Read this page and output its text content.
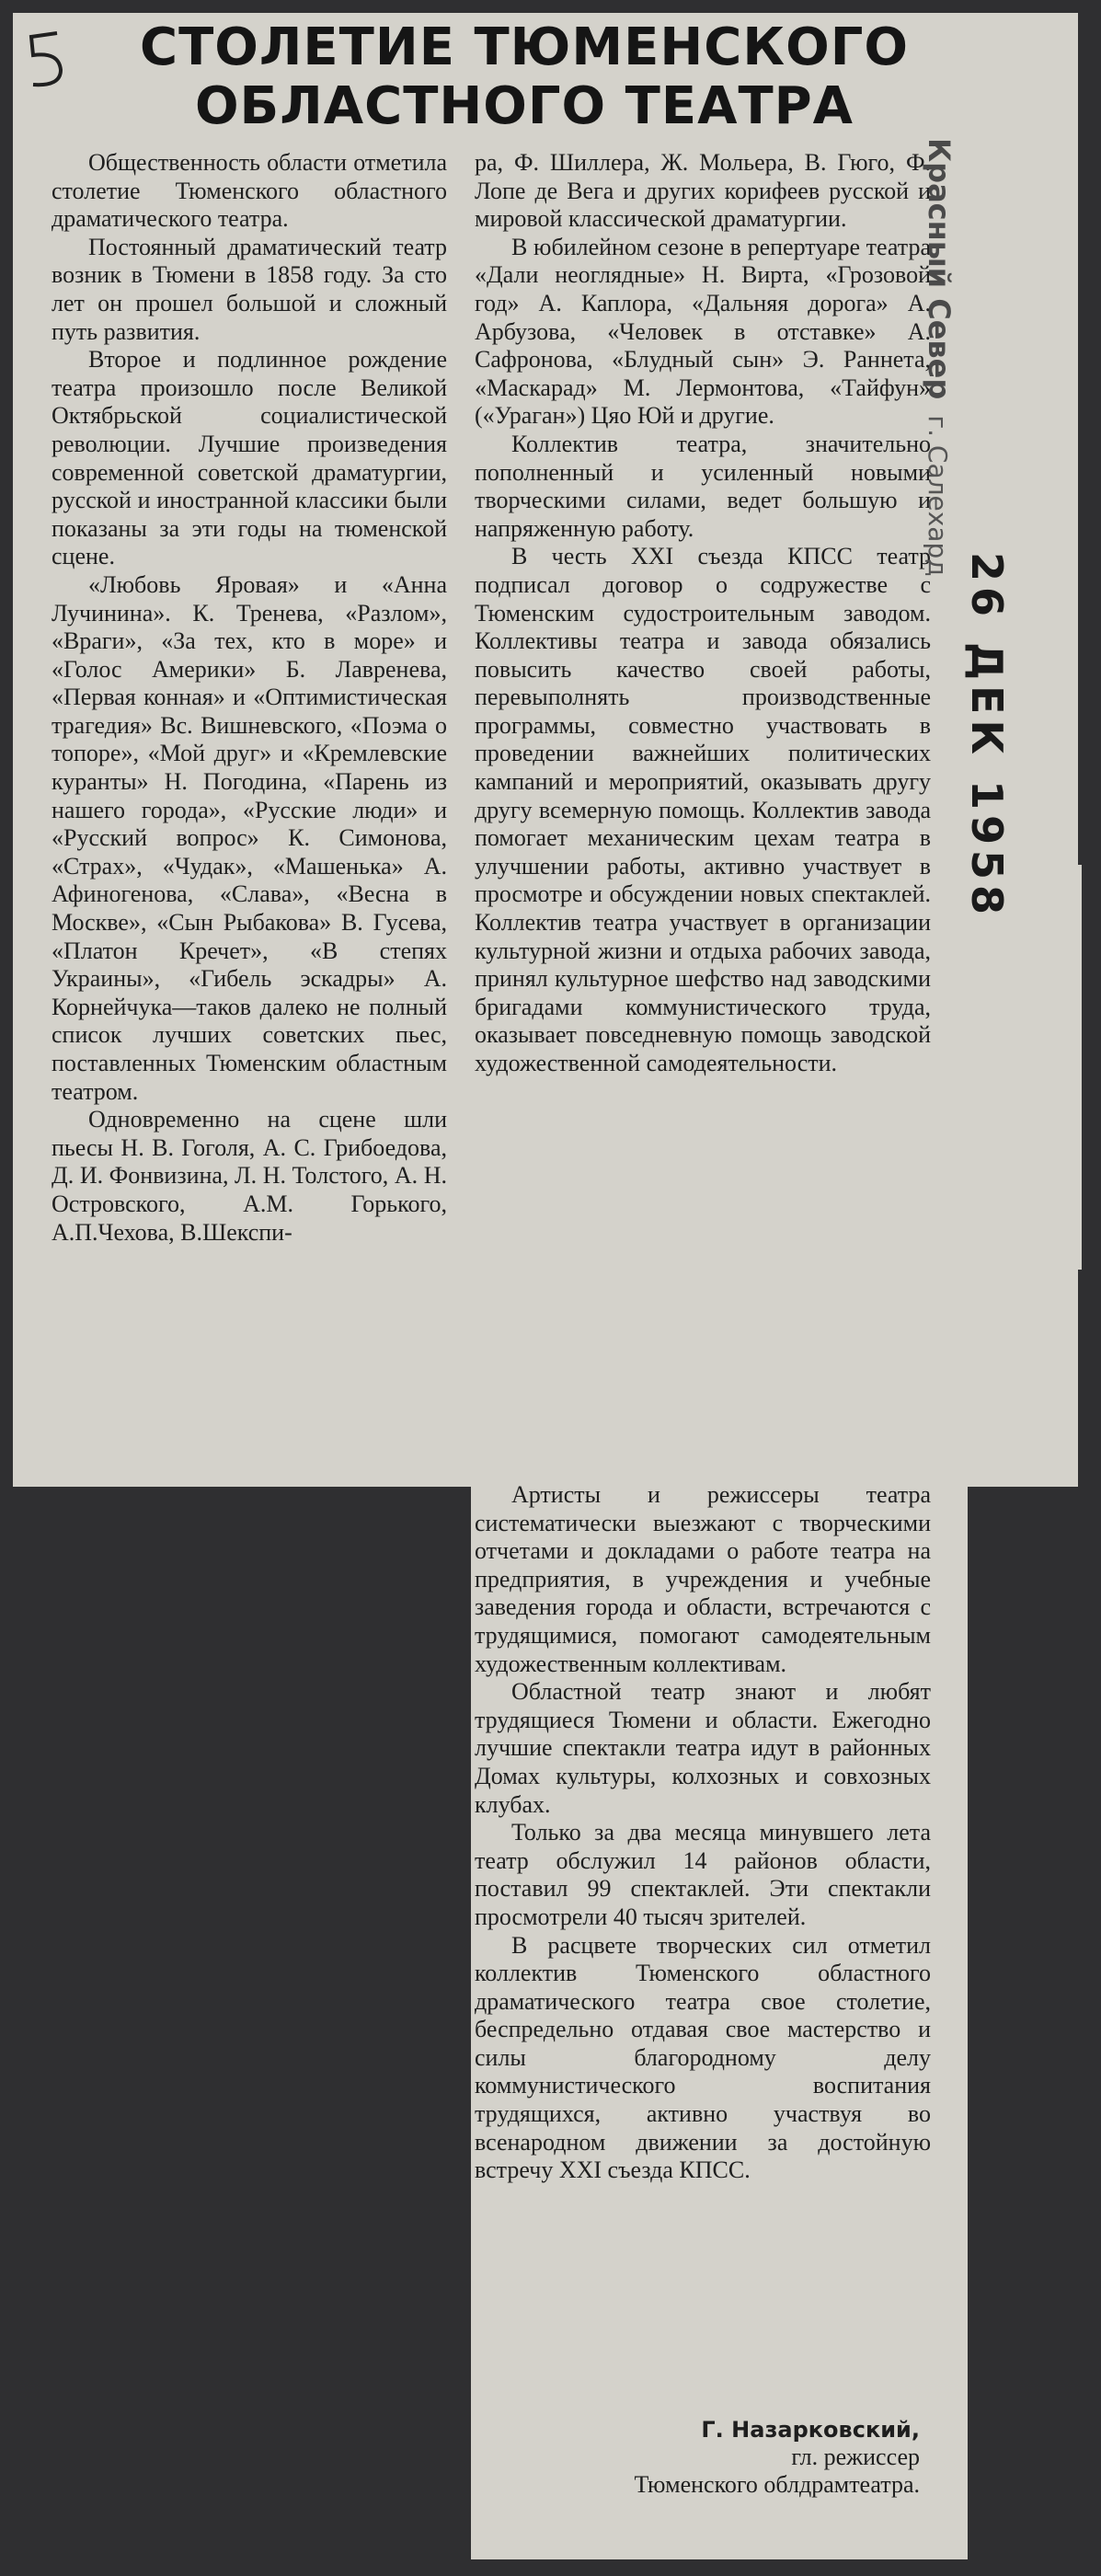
СТОЛЕТИЕ ТЮМЕНСКОГО
ОБЛАСТНОГО ТЕАТРА

Общественность области отметила столетие Тюменского областного драматического театра.

Постоянный драматический театр возник в Тюмени в 1858 году. За сто лет он прошел большой и сложный путь развития.

Второе и подлинное рождение театра произошло после Великой Октябрьской социалистической революции. Лучшие произведения современной советской драматургии, русской и иностранной классики были показаны за эти годы на тюменской сцене.

«Любовь Яровая» и «Анна Лучинина». К. Тренева, «Разлом», «Враги», «За тех, кто в море» и «Голос Америки» Б. Лавренева, «Первая конная» и «Оптимистическая трагедия» Вс. Вишневского, «Поэма о топоре», «Мой друг» и «Кремлевские куранты» Н. Погодина, «Парень из нашего города», «Русские люди» и «Русский вопрос» К. Симонова, «Страх», «Чудак», «Машенька» А. Афиногенова, «Слава», «Весна в Москве», «Сын Рыбакова» В. Гусева, «Платон Кречет», «В степях Украины», «Гибель эскадры» А. Корнейчука—таков далеко не полный список лучших советских пьес, поставленных Тюменским областным театром.

Одновременно на сцене шли пьесы Н. В. Гоголя, А. С. Грибоедова, Д. И. Фонвизина, Л. Н. Толстого, А. Н. Островского, А.М. Горького, А.П.Чехова, В.Шекспи-

ра, Ф. Шиллера, Ж. Мольера, В. Гюго, Ф. Лопе де Вега и других корифеев русской и мировой классической драматургии.

В юбилейном сезоне в репертуаре театра «Дали неоглядные» Н. Вирта, «Грозовой год» А. Каплора, «Дальняя дорога» А. Арбузова, «Человек в отставке» А. Сафронова, «Блудный сын» Э. Раннета, «Маскарад» М. Лермонтова, «Тайфун» («Ураган») Цяо Юй и другие.

Коллектив театра, значительно пополненный и усиленный новыми творческими силами, ведет большую и напряженную работу.

В честь XXI съезда КПСС театр подписал договор о содружестве с Тюменским судостроительным заводом. Коллективы театра и завода обязались повысить качество своей работы, перевыполнять производственные программы, совместно участвовать в проведении важнейших политических кампаний и мероприятий, оказывать другу другу всемерную помощь. Коллектив завода помогает механическим цехам театра в улучшении работы, активно участвует в просмотре и обсуждении новых спектаклей. Коллектив театра участвует в организации культурной жизни и отдыха рабочих завода, принял культурное шефство над заводскими бригадами коммунистического труда, оказывает повседневную помощь заводской художественной самодеятельности.

Артисты и режиссеры театра систематически выезжают с творческими отчетами и докладами о работе театра на предприятия, в учреждения и учебные заведения города и области, встречаются с трудящимися, помогают самодеятельным художественным коллективам.

Областной театр знают и любят трудящиеся Тюмени и области. Ежегодно лучшие спектакли театра идут в районных Домах культуры, колхозных и совхозных клубах.

Только за два месяца минувшего лета театр обслужил 14 районов области, поставил 99 спектаклей. Эти спектакли просмотрели 40 тысяч зрителей.

В расцвете творческих сил отметил коллектив Тюменского областного драматического театра свое столетие, беспредельно отдавая свое мастерство и силы благородному делу коммунистического воспитания трудящихся, активно участвуя во всенародном движении за достойную встречу XXI съезда КПСС.

Г. Назарковский,
гл. режиссер
Тюменского облдрамтеатра.
Красный Север г. Салехард
26 ДЕК 1958
